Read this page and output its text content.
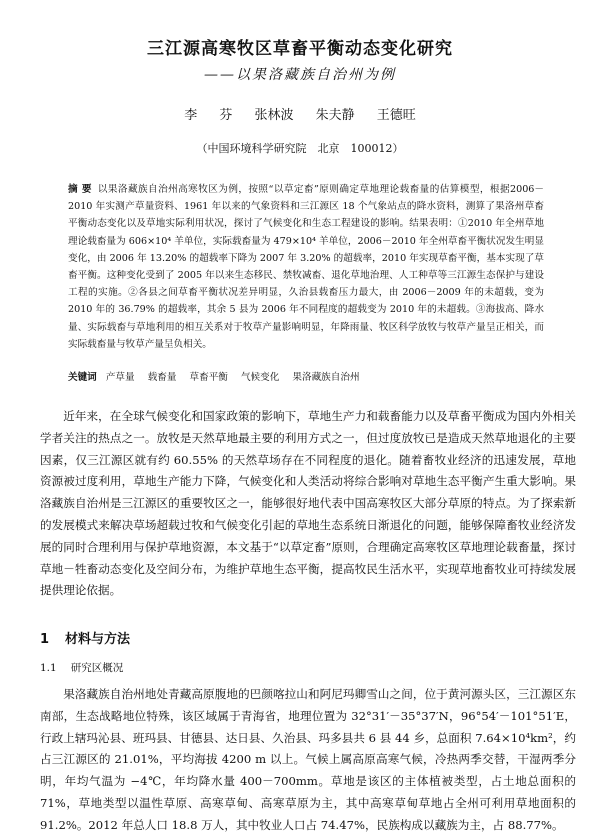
三江源高寒牧区草畜平衡动态变化研究
——以果洛藏族自治州为例
李 芬 张林波 朱夫静 王德旺
（中国环境科学研究院　北京　100012）
摘 要 以果洛藏族自治州高寒牧区为例，按照“以草定畜”原则确定草地理论载畜量的估算模型，根据2006－2010 年实测产草量资料、1961 年以来的气象资料和三江源区 18 个气象站点的降水资料，测算了果洛州草畜平衡动态变化以及草地实际利用状况，探讨了气候变化和生态工程建设的影响。结果表明：①2010 年全州草地理论载畜量为 606×10⁴ 羊单位，实际载畜量为 479×10⁴ 羊单位，2006－2010 年全州草畜平衡状况发生明显变化，由 2006 年 13.20% 的超载率下降为 2007 年 3.20% 的超载率，2010 年实现草畜平衡，基本实现了草畜平衡。这种变化受到了 2005 年以来生态移民、禁牧减畜、退化草地治理、人工种草等三江源生态保护与建设工程的实施。②各县之间草畜平衡状况差异明显，久治县载畜压力最大，由 2006－2009 年的未超载，变为 2010 年的 36.79% 的超载率，其余 5 县为 2006 年不同程度的超载变为 2010 年的未超载。③海拔高、降水量、实际载畜与草地利用的相互关系对于牧草产量影响明显，年降雨量、牧区科学放牧与牧草产量呈正相关，而实际载畜量与牧草产量呈负相关。
关键词 产草量 载畜量 草畜平衡 气候变化 果洛藏族自治州
近年来，在全球气候变化和国家政策的影响下，草地生产力和载畜能力以及草畜平衡成为国内外相关学者关注的热点之一。放牧是天然草地最主要的利用方式之一，但过度放牧已是造成天然草地退化的主要因素，仅三江源区就有约 60.55% 的天然草场存在不同程度的退化。随着畜牧业经济的迅速发展，草地资源被过度利用，草地生产能力下降，气候变化和人类活动将综合影响对草地生态平衡产生重大影响。果洛藏族自治州是三江源区的重要牧区之一，能够很好地代表中国高寒牧区大部分草原的特点。为了探索新的发展模式来解决草场超载过牧和气候变化引起的草地生态系统日渐退化的问题，能够保障畜牧业经济发展的同时合理利用与保护草地资源，本文基于“以草定畜”原则，合理确定高寒牧区草地理论载畜量，探讨草地－牲畜动态变化及空间分布，为维护草地生态平衡，提高牧民生活水平，实现草地畜牧业可持续发展提供理论依据。
1 材料与方法
1.1 研究区概况
果洛藏族自治州地处青藏高原腹地的巴颜喀拉山和阿尼玛卿雪山之间，位于黄河源头区，三江源区东南部，生态战略地位特殊，该区域属于青海省，地理位置为 32°31′－35°37′N，96°54′－101°51′E，行政上辖玛沁县、班玛县、甘德县、达日县、久治县、玛多县共 6 县 44 乡，总面积 7.64×10⁴km²，约占三江源区的 21.01%，平均海拔 4200 m 以上。气候上属高原高寒气候，冷热两季交替，干湿两季分明，年均气温为 −4℃，年均降水量 400－700mm。草地是该区的主体植被类型，占土地总面积的 71%，草地类型以温性草原、高寒草甸、高寒草原为主，其中高寒草甸草地占全州可利用草地面积的 91.2%。2012 年总人口 18.8 万人，其中牧业人口占 74.47%，民族构成以藏族为主，占 88.77%。
